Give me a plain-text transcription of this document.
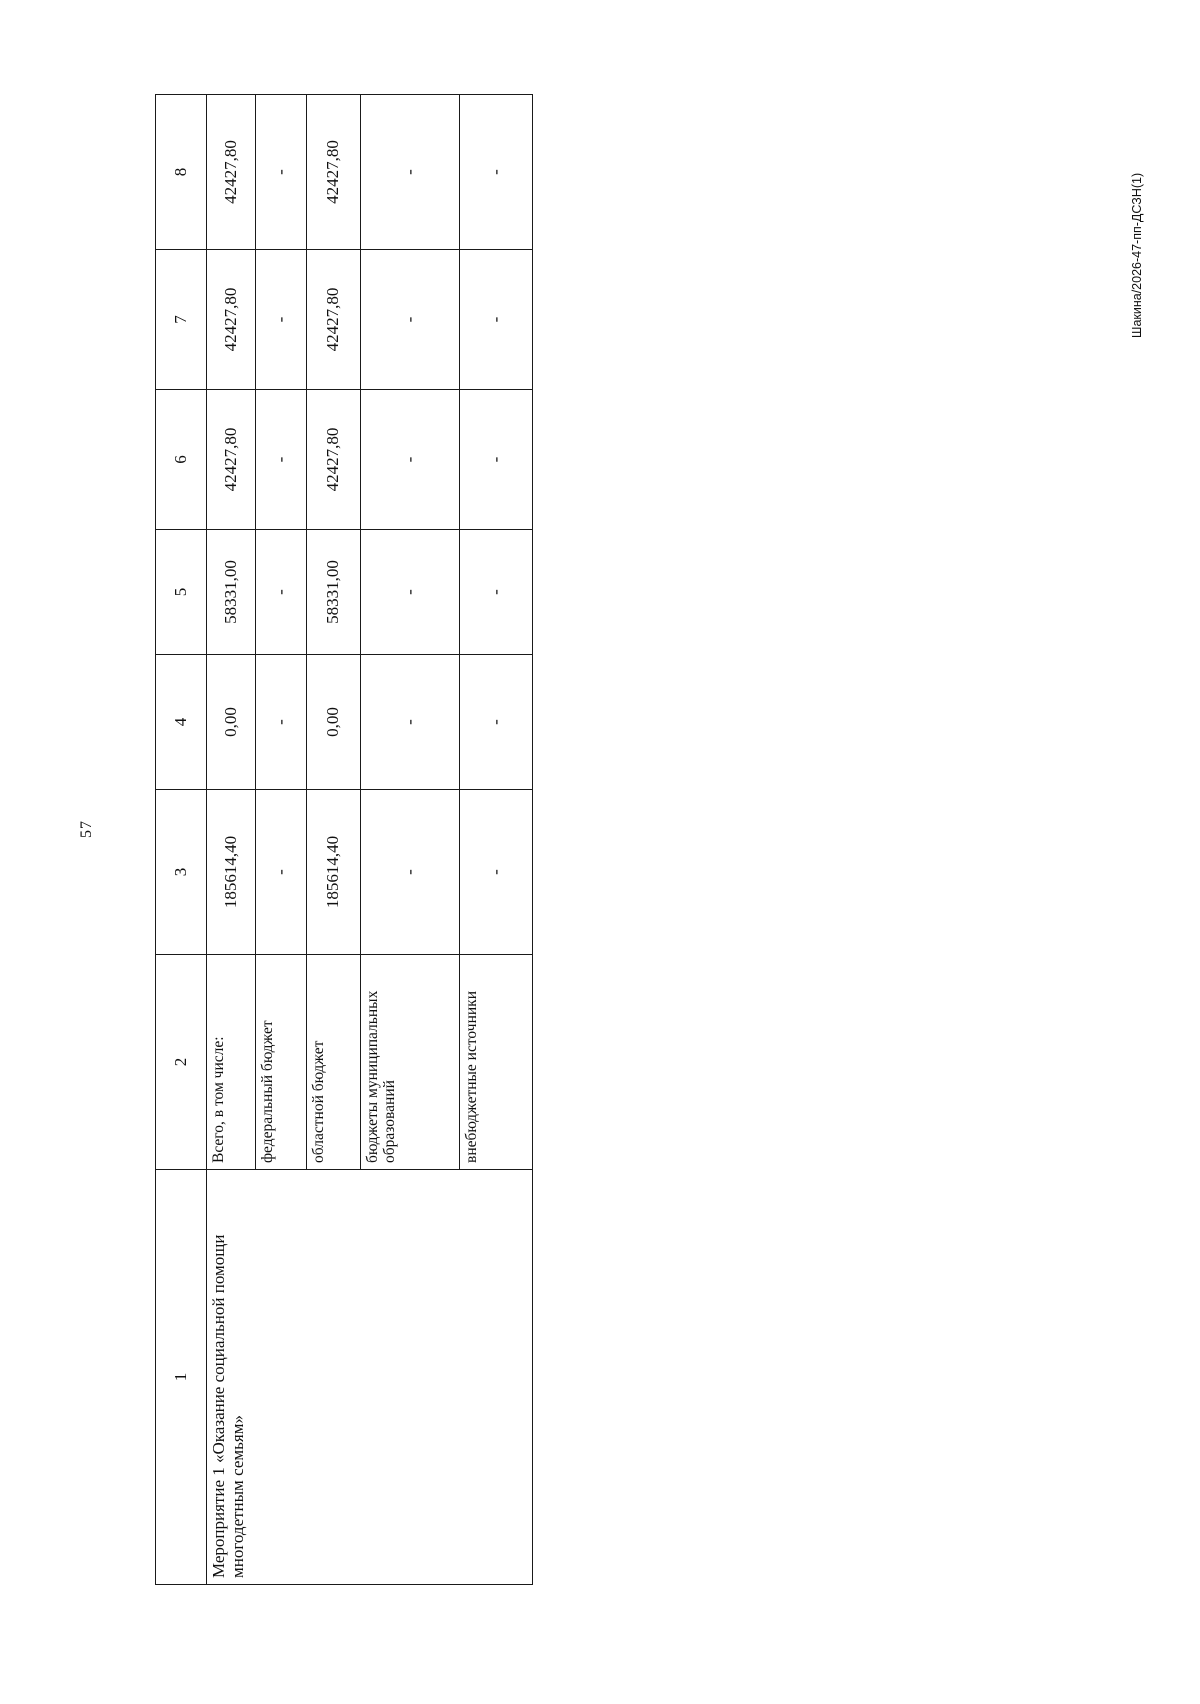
57
Шакина/2026-47-пп-ДСЗН(1)
1	2	3	4	5	6	7	8
Мероприятие 1 «Оказание социальной помощи многодетным семьям»	Всего, в том числе:	185614,40	0,00	58331,00	42427,80	42427,80	42427,80
	федеральный бюджет	-	-	-	-	-	-
	областной бюджет	185614,40	0,00	58331,00	42427,80	42427,80	42427,80
	бюджеты муниципальных образований	-	-	-	-	-	-
	внебюджетные источники	-	-	-	-	-	-
